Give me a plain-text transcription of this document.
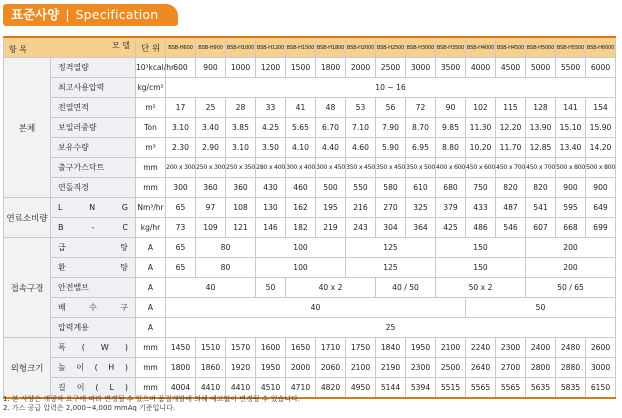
표준사양 | Specification
항 목 모 델		단 위	BSB-H600	BSB-H900	BSB-H1000	BSB-H1200	BSB-H1500	BSB-H1800	BSB-H2000	BSB-H2500	BSB-H3000	BSB-H3500	BSB-H4000	BSB-H4500	BSB-H5000	BSB-H5500	BSB-H6000
본체	정격열량	10³kcal/hr	600	900	1000	1200	1500	1800	2000	2500	3000	3500	4000	4500	5000	5500	6000
	최고사용압력	kg/cm²	10 ~ 16														
	전열면적	m²	17	25	28	33	41	48	53	56	72	90	102	115	128	141	154
	보일러중량	Ton	3.10	3.40	3.85	4.25	5.65	6.70	7.10	7.90	8.70	9.85	11.30	12.20	13.90	15.10	15.90
	보유수량	m³	2.30	2.90	3.10	3.50	4.10	4.40	4.60	5.90	6.95	8.80	10.20	11.70	12.85	13.40	14.20
	출구가스닥트	mm	200 x 300	250 x 300	250 x 350	280 x 400	300 x 400	300 x 450	350 x 450	350 x 450	350 x 500	400 x 600	450 x 600	450 x 700	450 x 700	500 x 800	500 x 800
	연돌직경	mm	300	360	360	430	460	500	550	580	610	680	750	820	820	900	900
연료소비량	L N G	Nm³/hr	65	97	108	130	162	195	216	270	325	379	433	487	541	595	649
	B - C	kg/hr	73	109	121	146	182	219	243	304	364	425	486	546	607	668	699
접속구경	급 탕	A	65	80		100			125			150			200		
	환 탕	A	65	80		100			125			150			200		
	안전밸브	A	40			50	40 x 2			40 / 50		50 x 2			50 / 65		
	배 수 구	A	40										50				
	압력계용	A	25														
외형크기	폭 ( W )	mm	1450	1510	1570	1600	1650	1710	1750	1840	1950	2100	2240	2300	2400	2480	2600
	높 이 ( H )	mm	1800	1860	1920	1950	2000	2060	2100	2190	2300	2500	2640	2700	2800	2880	3000
	길 이 ( L )	mm	4004	4410	4410	4510	4710	4820	4950	5144	5394	5515	5565	5565	5635	5835	6150
1. 본 사양은 개량차 요구에 따라 변경될 수 있으며 품질개발에 의해 예고없이 변경될 수 있습니다.
2. 가스 공급 압력은 2,000~4,000 mmAq 기준입니다.
